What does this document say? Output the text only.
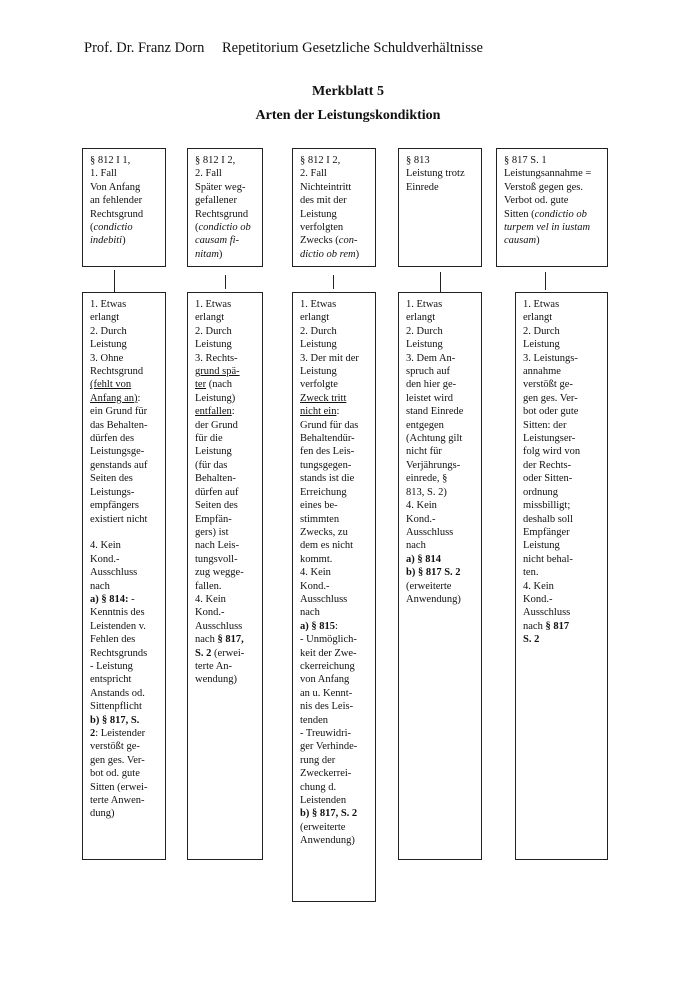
Prof. Dr. Franz Dorn Repetitorium Gesetzliche Schuldverhältnisse
Merkblatt 5
Arten der Leistungskondiktion

§ 812 I 1,

1. Fall

Von Anfang

an fehlender

Rechtsgrund

(condictio

indebiti)

§ 812 I 2,

2. Fall

Später weg-

gefallener

Rechtsgrund

(condictio ob

causam fi-

nitam)

§ 812 I 2,

2. Fall

Nichteintritt

des mit der

Leistung

verfolgten

Zwecks (con-

dictio ob rem)

§ 813

Leistung trotz

Einrede

§ 817 S. 1

Leistungsannahme =

Verstoß gegen ges.

Verbot od. gute

Sitten (condictio ob

turpem vel in iustam

causam)

1. Etwas

erlangt

2. Durch

Leistung

3. Ohne

Rechtsgrund

(fehlt von

Anfang an):

ein Grund für

das Behalten-

dürfen des

Leistungsge-

genstands auf

Seiten des

Leistungs-

empfängers

existiert nicht

4. Kein

Kond.-

Ausschluss

nach

a) § 814: -

Kenntnis des

Leistenden v.

Fehlen des

Rechtsgrunds

- Leistung

entspricht

Anstands od.

Sittenpflicht

b) § 817, S.

2: Leistender

verstößt ge-

gen ges. Ver-

bot od. gute

Sitten (erwei-

terte Anwen-

dung)

1. Etwas

erlangt

2. Durch

Leistung

3. Rechts-

grund spä-

ter (nach

Leistung)

entfallen:

der Grund

für die

Leistung

(für das

Behalten-

dürfen auf

Seiten des

Empfän-

gers) ist

nach Leis-

tungsvoll-

zug wegge-

fallen.

4. Kein

Kond.-

Ausschluss

nach § 817,

S. 2 (erwei-

terte An-

wendung)

1. Etwas

erlangt

2. Durch

Leistung

3. Der mit der

Leistung

verfolgte

Zweck tritt

nicht ein:

Grund für das

Behaltendür-

fen des Leis-

tungsgegen-

stands ist die

Erreichung

eines be-

stimmten

Zwecks, zu

dem es nicht

kommt.

4. Kein

Kond.-

Ausschluss

nach

a) § 815:

- Unmöglich-

keit der Zwe-

ckerreichung

von Anfang

an u. Kennt-

nis des Leis-

tenden

- Treuwidri-

ger Verhinde-

rung der

Zweckerrei-

chung d.

Leistenden

b) § 817, S. 2

(erweiterte

Anwendung)

1. Etwas

erlangt

2. Durch

Leistung

3. Dem An-

spruch auf

den hier ge-

leistet wird

stand Einrede

entgegen

(Achtung gilt

nicht für

Verjährungs-

einrede, §

813, S. 2)

4. Kein

Kond.-

Ausschluss

nach

a) § 814

b) § 817 S. 2

(erweiterte

Anwendung)

1. Etwas

erlangt

2. Durch

Leistung

3. Leistungs-

annahme

verstößt ge-

gen ges. Ver-

bot oder gute

Sitten: der

Leistungser-

folg wird von

der Rechts-

oder Sitten-

ordnung

missbilligt;

deshalb soll

Empfänger

Leistung

nicht behal-

ten.

4. Kein

Kond.-

Ausschluss

nach § 817

S. 2
